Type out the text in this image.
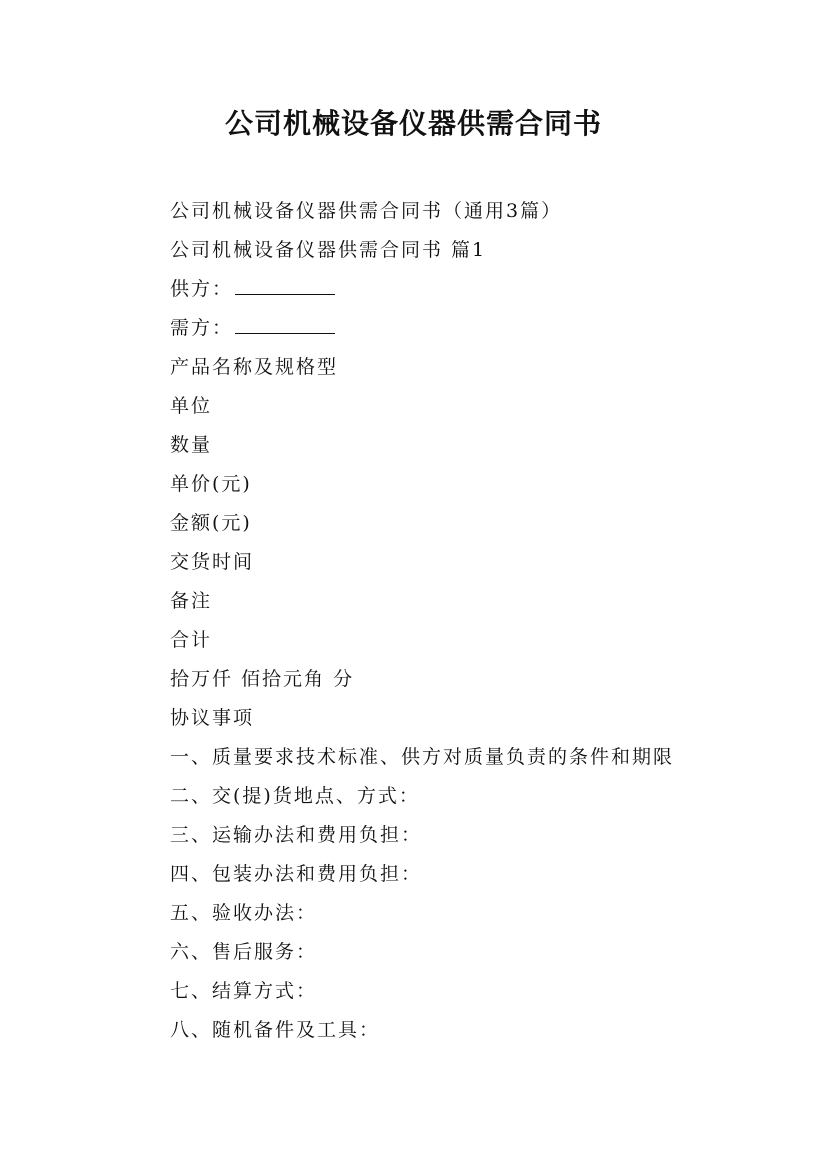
公司机械设备仪器供需合同书
公司机械设备仪器供需合同书（通用3篇）
公司机械设备仪器供需合同书 篇1
供方：
需方：
产品名称及规格型
单位
数量
单价(元)
金额(元)
交货时间
备注
合计
拾万仟 佰拾元角 分
协议事项
一、质量要求技术标准、供方对质量负责的条件和期限
二、交(提)货地点、方式：
三、运输办法和费用负担：
四、包装办法和费用负担：
五、验收办法：
六、售后服务：
七、结算方式：
八、随机备件及工具：
